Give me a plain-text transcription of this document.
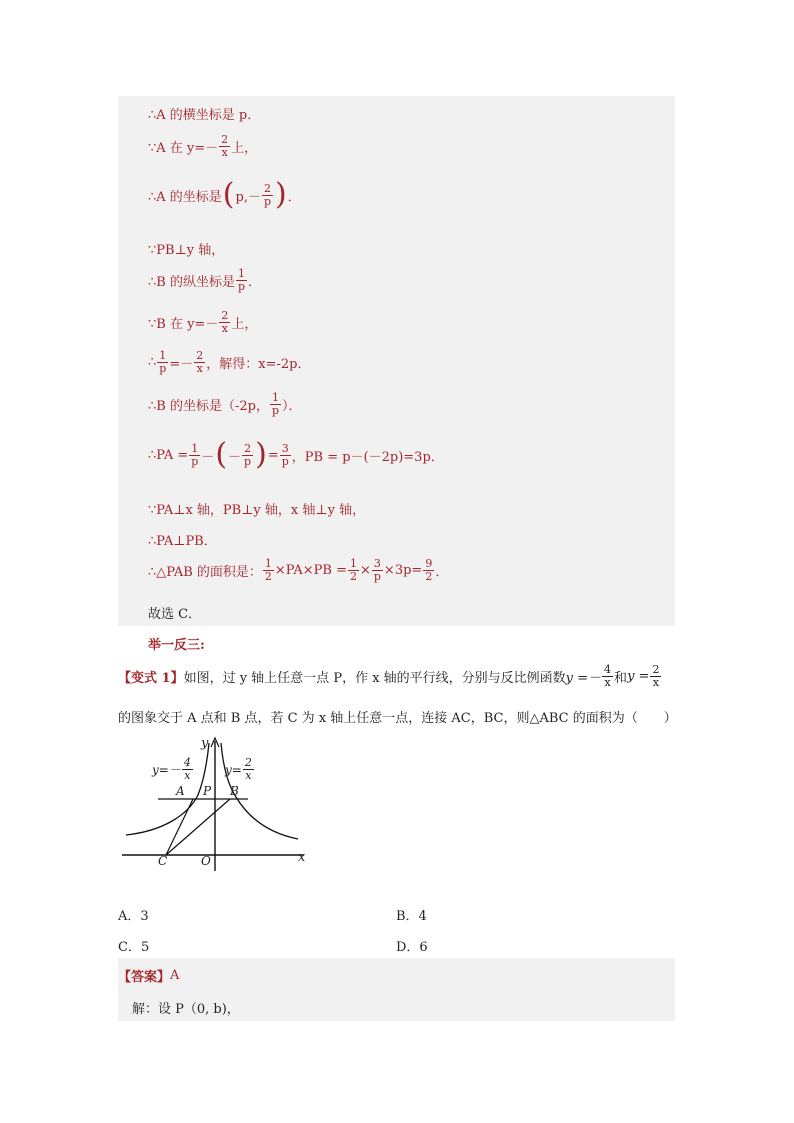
∴A 的横坐标是 p．
∵A 在 $y=- \frac{2}{x}$ 上，
∴A 的坐标是 ( $p,- \frac{2}{p}$ ) ．
∵PB⊥y 轴，
∴B 的纵坐标是 $\frac{1}{p}$ ．
∵B 在 $y=- \frac{2}{x}$ 上，
∴ $\frac{1}{p} =- \frac{2}{x}$ ，解得：x=-2p．
∴B 的坐标是（-2p， $\frac{1}{p}$ ）．
∴PA = $\frac{1}{p}$ － ( － $\frac{2}{p}$ ) = $\frac{3}{p}$ ，PB = p－(－2p)=3p．
∵PA⊥x 轴，PB⊥y 轴，x 轴⊥y 轴，
∴PA⊥PB．
∴△PAB 的面积是： $\frac{1}{2} \times PA\times PB = \frac{1}{2} \times \frac{3}{p} \times 3p= \frac{9}{2}$ ．
故选 C．
举一反三:
【变式 1】 如图，过 y 轴上任意一点 P，作 x 轴的平行线，分别与反比例函数 $y =- \frac{4}{x}$ 和 $y = \frac{2}{x}$
的图象交于 A 点和 B 点，若 C 为 x 轴上任意一点，连接 AC，BC，则△ABC 的面积为（　　）
$y=- \frac{4}{x}$	$y= \frac{2}{x}$
y
x
A P B
C	O
A．3	B．4
C．5	D．6
【答案】 A
解：设 P（0, b)，
